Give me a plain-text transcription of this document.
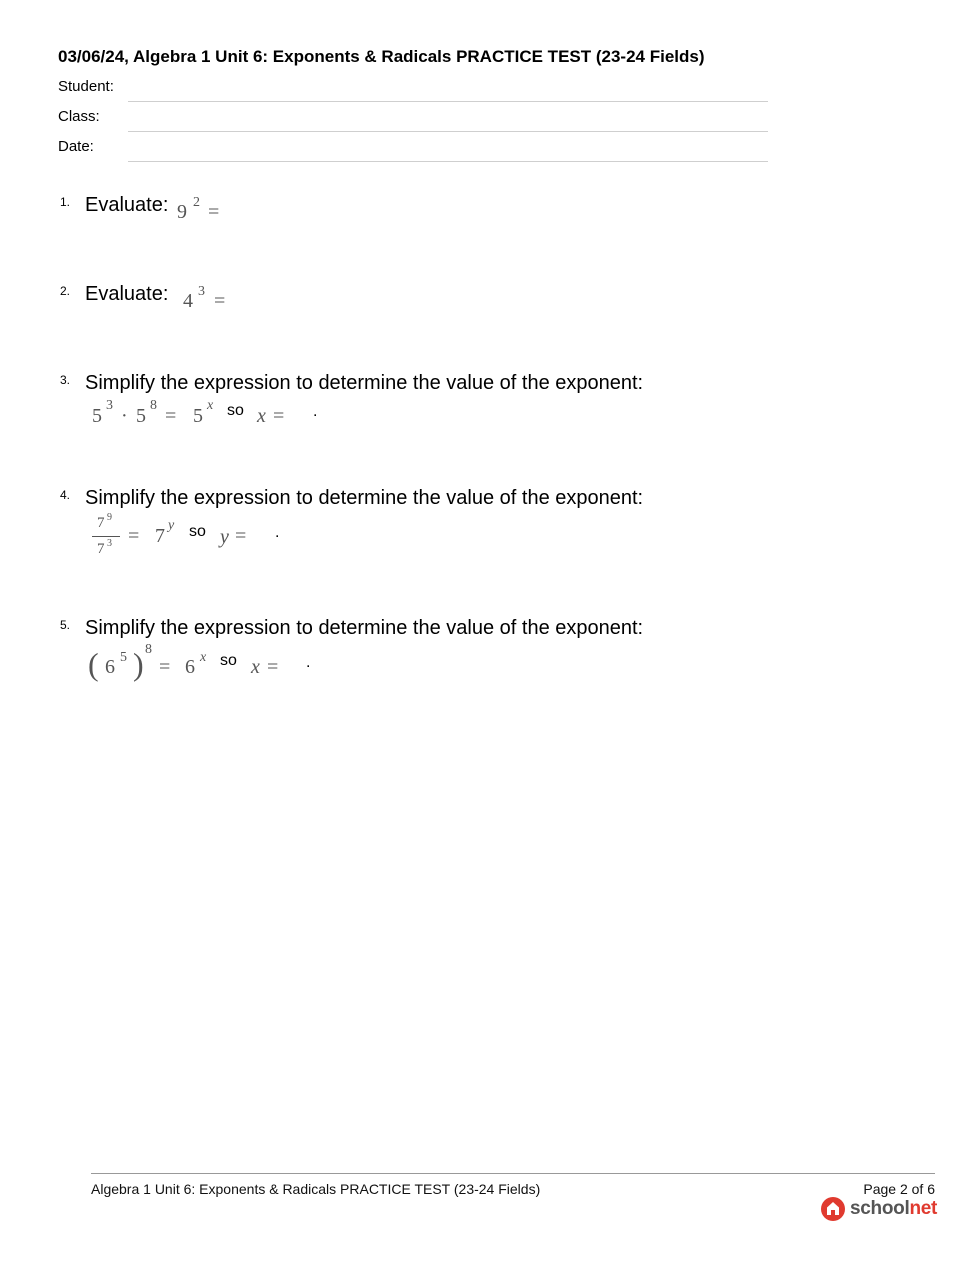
03/06/24, Algebra 1 Unit 6: Exponents & Radicals PRACTICE TEST (23-24 Fields)
Student:
Class:
Date:
1. Evaluate: 9 2 =
2. Evaluate: 4 3 =
3. Simplify the expression to determine the value of the exponent:
5 3 · 5 8 = 5 x so x = .
4. Simplify the expression to determine the value of the exponent:
7 9
7 3 = 7 y so y = .
5. Simplify the expression to determine the value of the exponent:
( 6 5 ) 8
= 6 x so x = .
Algebra 1 Unit 6: Exponents & Radicals PRACTICE TEST (23-24 Fields)	Page 2 of 6
schoolnet
